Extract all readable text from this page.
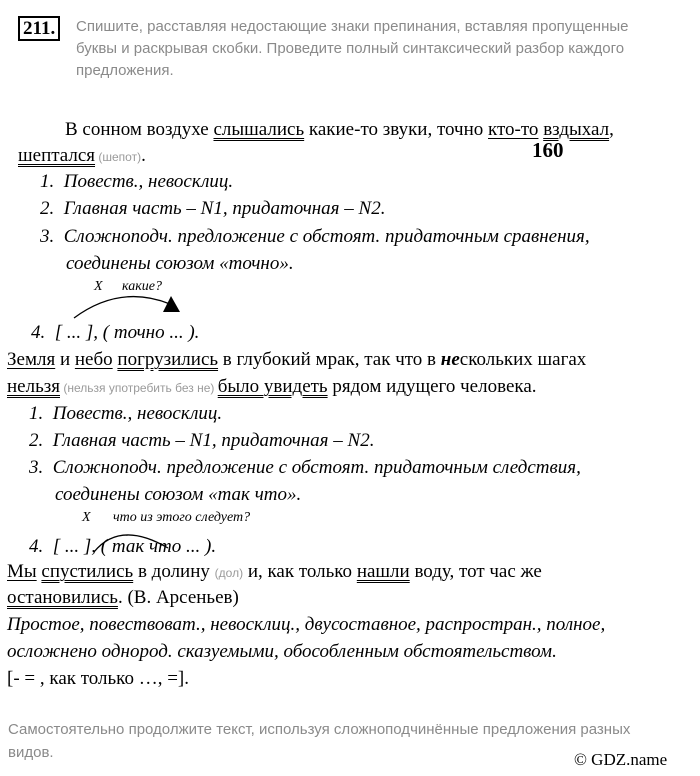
211.	Спишите, расставляя недостающие знаки препинания, вставляя пропущенные
буквы и раскрывая скобки. Проведите полный синтаксический разбор каждого
предложения.
В сонном воздухе слышались какие-то звуки, точно кто-то вздыхал,
160
шептался (шепот).
1.  Повеств., невосклиц.
2.  Главная часть – N1, придаточная – N2.
3.  Сложноподч. предложение с обстоят. придаточным сравнения,
соединены союзом «точно».
X какие?
4.  [ ... ], ( точно ... ).
Земля и небо погрузились в глубокий мрак, так что в нескольких шагах
нельзя (нельзя употребить без не) было увидеть рядом идущего человека.
1.  Повеств., невосклиц.
2.  Главная часть – N1, придаточная – N2.
3.  Сложноподч. предложение с обстоят. придаточным следствия,
соединены союзом «так что».
X что из этого следует?
4.  [ ... ], ( так что ... ).
Мы спустились в долину (дол) и, как только нашли воду, тот час же
остановились. (В. Арсеньев)
Простое, повествоват., невосклиц., двусоставное, распростран., полное,
осложнено однород. сказуемыми, обособленным обстоятельством.
[- = , как только …, =].
Самостоятельно продолжите текст, используя сложноподчинённые предложения разных
видов.	© GDZ.name
